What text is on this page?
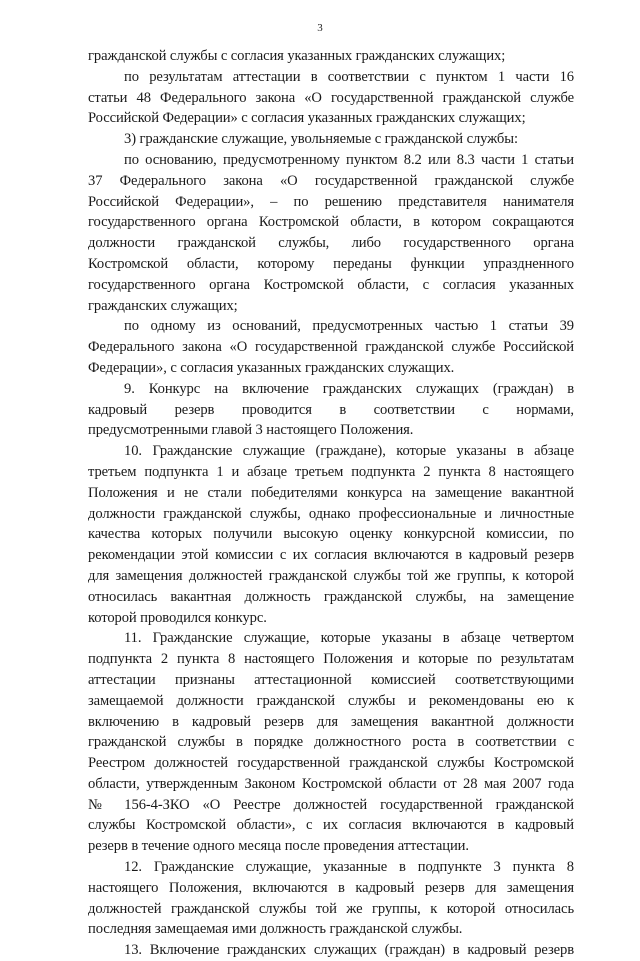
3
гражданской службы с согласия указанных гражданских служащих;
по результатам аттестации в соответствии с пунктом 1 части 16
статьи 48 Федерального закона «О государственной гражданской службе
Российской Федерации» с согласия указанных гражданских служащих;
3) гражданские служащие, увольняемые с гражданской службы:
по основанию, предусмотренному пунктом 8.2 или 8.3 части 1 статьи
37 Федерального закона «О государственной гражданской службе
Российской Федерации», – по решению представителя нанимателя
государственного органа Костромской области, в котором сокращаются
должности гражданской службы, либо государственного органа
Костромской области, которому переданы функции упраздненного
государственного органа Костромской области, с согласия указанных
гражданских служащих;
по одному из оснований, предусмотренных частью 1 статьи 39
Федерального закона «О государственной гражданской службе Российской
Федерации», с согласия указанных гражданских служащих.
9. Конкурс на включение гражданских служащих (граждан) в
кадровый резерв проводится в соответствии с нормами,
предусмотренными главой 3 настоящего Положения.
10. Гражданские служащие (граждане), которые указаны в абзаце
третьем подпункта 1 и абзаце третьем подпункта 2 пункта 8 настоящего
Положения и не стали победителями конкурса на замещение вакантной
должности гражданской службы, однако профессиональные и личностные
качества которых получили высокую оценку конкурсной комиссии, по
рекомендации этой комиссии с их согласия включаются в кадровый резерв
для замещения должностей гражданской службы той же группы, к которой
относилась вакантная должность гражданской службы, на замещение
которой проводился конкурс.
11. Гражданские служащие, которые указаны в абзаце четвертом
подпункта 2 пункта 8 настоящего Положения и которые по результатам
аттестации признаны аттестационной комиссией соответствующими
замещаемой должности гражданской службы и рекомендованы ею к
включению в кадровый резерв для замещения вакантной должности
гражданской службы в порядке должностного роста в соответствии с
Реестром должностей государственной гражданской службы Костромской
области, утвержденным Законом Костромской области от 28 мая 2007 года
№ 156-4-ЗКО «О Реестре должностей государственной гражданской
службы Костромской области», с их согласия включаются в кадровый
резерв в течение одного месяца после проведения аттестации.
12. Гражданские служащие, указанные в подпункте 3 пункта 8
настоящего Положения, включаются в кадровый резерв для замещения
должностей гражданской службы той же группы, к которой относилась
последняя замещаемая ими должность гражданской службы.
13. Включение гражданских служащих (граждан) в кадровый резерв
